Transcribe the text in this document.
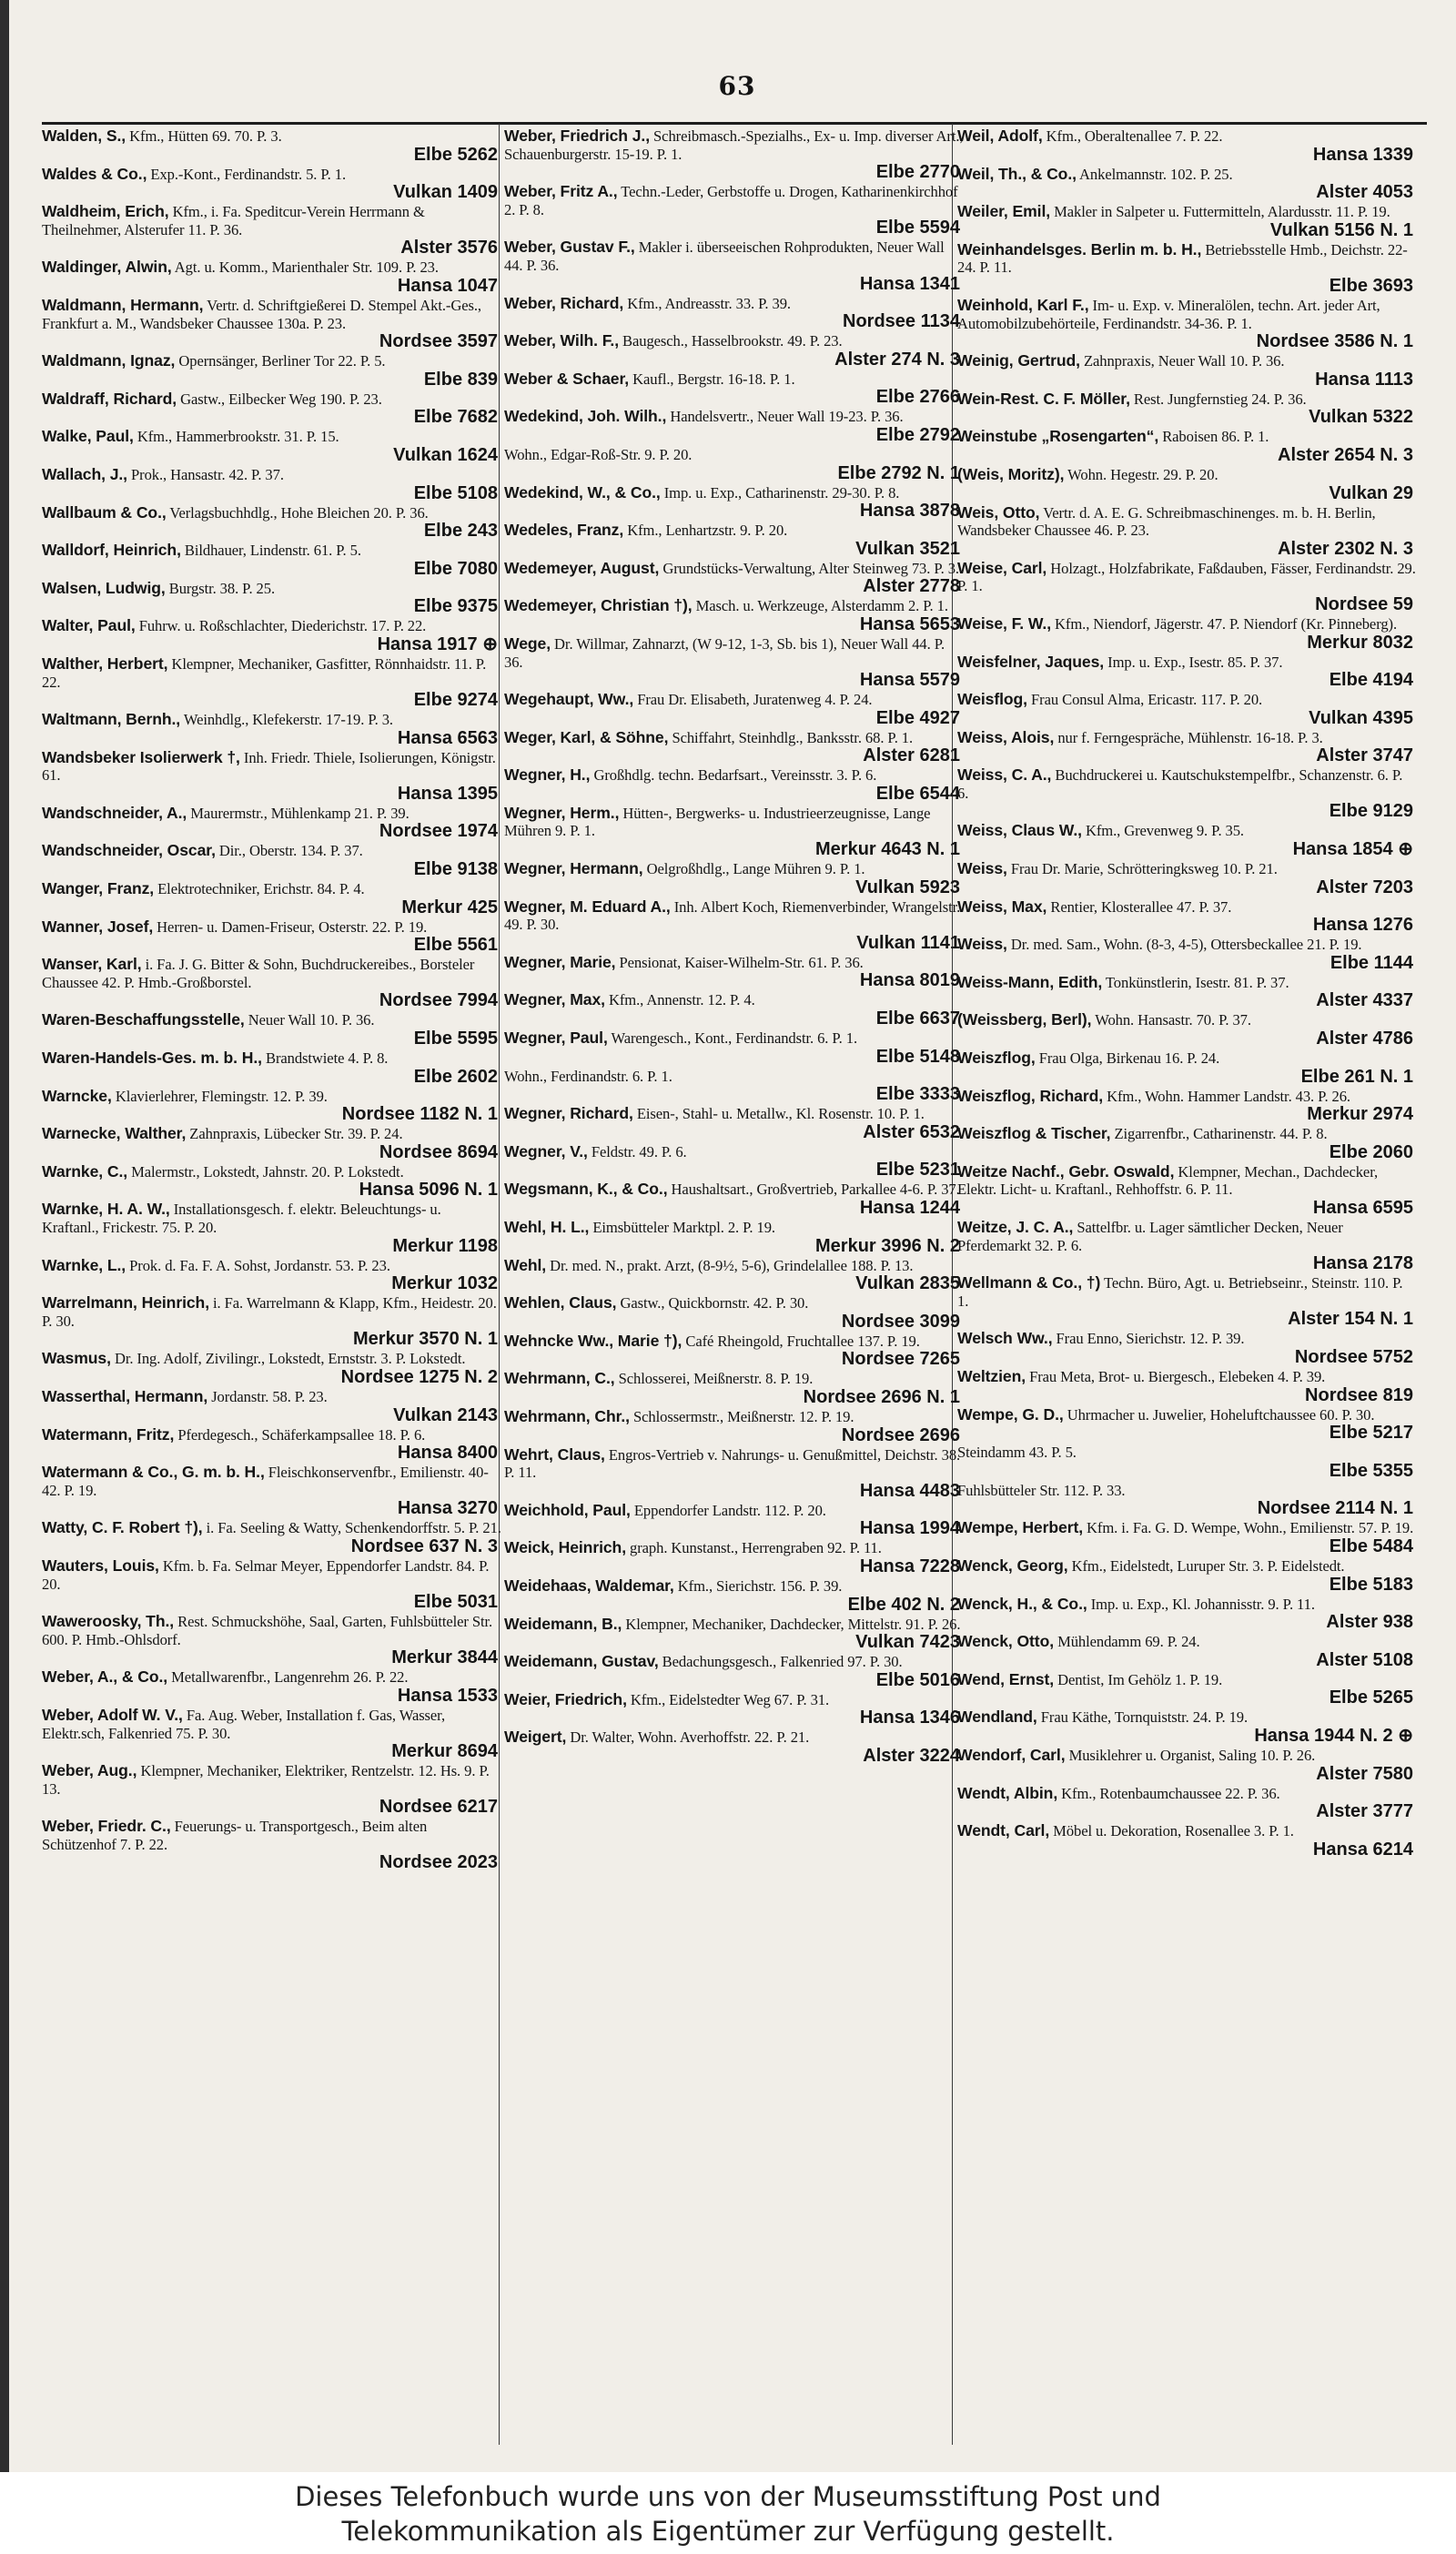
63
Walden, S., Kfm., Hütten 69. 70. P. 3.
Elbe 5262
Waldes & Co., Exp.-Kont., Ferdinandstr. 5. P. 1.
Vulkan 1409
Waldheim, Erich, Kfm., i. Fa. Speditcur-Verein Herrmann & Theilnehmer, Alsterufer 11. P. 36.
Alster 3576
Waldinger, Alwin, Agt. u. Komm., Marienthaler Str. 109. P. 23.
Hansa 1047
Waldmann, Hermann, Vertr. d. Schriftgießerei D. Stempel Akt.-Ges., Frankfurt a. M., Wandsbeker Chaussee 130a. P. 23.
Nordsee 3597
Waldmann, Ignaz, Opernsänger, Berliner Tor 22. P. 5.
Elbe 839
Waldraff, Richard, Gastw., Eilbecker Weg 190. P. 23.
Elbe 7682
Walke, Paul, Kfm., Hammerbrookstr. 31. P. 15.
Vulkan 1624
Wallach, J., Prok., Hansastr. 42. P. 37.
Elbe 5108
Wallbaum & Co., Verlagsbuchhdlg., Hohe Bleichen 20. P. 36.
Elbe 243
Walldorf, Heinrich, Bildhauer, Lindenstr. 61. P. 5.
Elbe 7080
Walsen, Ludwig, Burgstr. 38. P. 25.
Elbe 9375
Walter, Paul, Fuhrw. u. Roßschlachter, Diederichstr. 17. P. 22.
Hansa 1917 ⊕
Walther, Herbert, Klempner, Mechaniker, Gasfitter, Rönnhaidstr. 11. P. 22.
Elbe 9274
Waltmann, Bernh., Weinhdlg., Klefekerstr. 17-19. P. 3.
Hansa 6563
Wandsbeker Isolierwerk †, Inh. Friedr. Thiele, Isolierungen, Königstr. 61.
Hansa 1395
Wandschneider, A., Maurermstr., Mühlenkamp 21. P. 39.
Nordsee 1974
Wandschneider, Oscar, Dir., Oberstr. 134. P. 37.
Elbe 9138
Wanger, Franz, Elektrotechniker, Erichstr. 84. P. 4.
Merkur 425
Wanner, Josef, Herren- u. Damen-Friseur, Osterstr. 22. P. 19.
Elbe 5561
Wanser, Karl, i. Fa. J. G. Bitter & Sohn, Buchdruckereibes., Borsteler Chaussee 42. P. Hmb.-Großborstel.
Nordsee 7994
Waren-Beschaffungsstelle, Neuer Wall 10. P. 36.
Elbe 5595
Waren-Handels-Ges. m. b. H., Brandstwiete 4. P. 8.
Elbe 2602
Warncke, Klavierlehrer, Flemingstr. 12. P. 39.
Nordsee 1182 N. 1
Warnecke, Walther, Zahnpraxis, Lübecker Str. 39. P. 24.
Nordsee 8694
Warnke, C., Malermstr., Lokstedt, Jahnstr. 20. P. Lokstedt.
Hansa 5096 N. 1
Warnke, H. A. W., Installationsgesch. f. elektr. Beleuchtungs- u. Kraftanl., Frickestr. 75. P. 20.
Merkur 1198
Warnke, L., Prok. d. Fa. F. A. Sohst, Jordanstr. 53. P. 23.
Merkur 1032
Warrelmann, Heinrich, i. Fa. Warrelmann & Klapp, Kfm., Heidestr. 20. P. 30.
Merkur 3570 N. 1
Wasmus, Dr. Ing. Adolf, Zivilingr., Lokstedt, Ernststr. 3. P. Lokstedt.
Nordsee 1275 N. 2
Wasserthal, Hermann, Jordanstr. 58. P. 23.
Vulkan 2143
Watermann, Fritz, Pferdegesch., Schäferkampsallee 18. P. 6.
Hansa 8400
Watermann & Co., G. m. b. H., Fleischkonservenfbr., Emilienstr. 40-42. P. 19.
Hansa 3270
Watty, C. F. Robert †), i. Fa. Seeling & Watty, Schenkendorffstr. 5. P. 21.
Nordsee 637 N. 3
Wauters, Louis, Kfm. b. Fa. Selmar Meyer, Eppendorfer Landstr. 84. P. 20.
Elbe 5031
Waweroosky, Th., Rest. Schmuckshöhe, Saal, Garten, Fuhlsbütteler Str. 600. P. Hmb.-Ohlsdorf.
Merkur 3844
Weber, A., & Co., Metallwarenfbr., Langenrehm 26. P. 22.
Hansa 1533
Weber, Adolf W. V., Fa. Aug. Weber, Installation f. Gas, Wasser, Elektr.sch, Falkenried 75. P. 30.
Merkur 8694
Weber, Aug., Klempner, Mechaniker, Elektriker, Rentzelstr. 12. Hs. 9. P. 13.
Nordsee 6217
Weber, Friedr. C., Feuerungs- u. Transportgesch., Beim alten Schützenhof 7. P. 22.
Nordsee 2023
Weber, Friedrich J., Schreibmasch.-Spezialhs., Ex- u. Imp. diverser Art., Schauenburgerstr. 15-19. P. 1.
Elbe 2770
Weber, Fritz A., Techn.-Leder, Gerbstoffe u. Drogen, Katharinenkirchhof 2. P. 8.
Elbe 5594
Weber, Gustav F., Makler i. überseeischen Rohprodukten, Neuer Wall 44. P. 36.
Hansa 1341
Weber, Richard, Kfm., Andreasstr. 33. P. 39.
Nordsee 1134
Weber, Wilh. F., Baugesch., Hasselbrookstr. 49. P. 23.
Alster 274 N. 3
Weber & Schaer, Kaufl., Bergstr. 16-18. P. 1.
Elbe 2766
Wedekind, Joh. Wilh., Handelsvertr., Neuer Wall 19-23. P. 36.
Elbe 2792
Wohn., Edgar-Roß-Str. 9. P. 20.
Elbe 2792 N. 1
Wedekind, W., & Co., Imp. u. Exp., Catharinenstr. 29-30. P. 8.
Hansa 3878
Wedeles, Franz, Kfm., Lenhartzstr. 9. P. 20.
Vulkan 3521
Wedemeyer, August, Grundstücks-Verwaltung, Alter Steinweg 73. P. 3.
Alster 2778
Wedemeyer, Christian †), Masch. u. Werkzeuge, Alsterdamm 2. P. 1.
Hansa 5653
Wege, Dr. Willmar, Zahnarzt, (W 9-12, 1-3, Sb. bis 1), Neuer Wall 44. P. 36.
Hansa 5579
Wegehaupt, Ww., Frau Dr. Elisabeth, Juratenweg 4. P. 24.
Elbe 4927
Weger, Karl, & Söhne, Schiffahrt, Steinhdlg., Banksstr. 68. P. 1.
Alster 6281
Wegner, H., Großhdlg. techn. Bedarfsart., Vereinsstr. 3. P. 6.
Elbe 6544
Wegner, Herm., Hütten-, Bergwerks- u. Industrieerzeugnisse, Lange Mühren 9. P. 1.
Merkur 4643 N. 1
Wegner, Hermann, Oelgroßhdlg., Lange Mühren 9. P. 1.
Vulkan 5923
Wegner, M. Eduard A., Inh. Albert Koch, Riemenverbinder, Wrangelstr. 49. P. 30.
Vulkan 1141
Wegner, Marie, Pensionat, Kaiser-Wilhelm-Str. 61. P. 36.
Hansa 8019
Wegner, Max, Kfm., Annenstr. 12. P. 4.
Elbe 6637
Wegner, Paul, Warengesch., Kont., Ferdinandstr. 6. P. 1.
Elbe 5148
Wohn., Ferdinandstr. 6. P. 1.
Elbe 3333
Wegner, Richard, Eisen-, Stahl- u. Metallw., Kl. Rosenstr. 10. P. 1.
Alster 6532
Wegner, V., Feldstr. 49. P. 6.
Elbe 5231
Wegsmann, K., & Co., Haushaltsart., Großvertrieb, Parkallee 4-6. P. 37.
Hansa 1244
Wehl, H. L., Eimsbütteler Marktpl. 2. P. 19.
Merkur 3996 N. 2
Wehl, Dr. med. N., prakt. Arzt, (8-9½, 5-6), Grindelallee 188. P. 13.
Vulkan 2835
Wehlen, Claus, Gastw., Quickbornstr. 42. P. 30.
Nordsee 3099
Wehncke Ww., Marie †), Café Rheingold, Fruchtallee 137. P. 19.
Nordsee 7265
Wehrmann, C., Schlosserei, Meißnerstr. 8. P. 19.
Nordsee 2696 N. 1
Wehrmann, Chr., Schlossermstr., Meißnerstr. 12. P. 19.
Nordsee 2696
Wehrt, Claus, Engros-Vertrieb v. Nahrungs- u. Genußmittel, Deichstr. 38. P. 11.
Hansa 4483
Weichhold, Paul, Eppendorfer Landstr. 112. P. 20.
Hansa 1994
Weick, Heinrich, graph. Kunstanst., Herrengraben 92. P. 11.
Hansa 7228
Weidehaas, Waldemar, Kfm., Sierichstr. 156. P. 39.
Elbe 402 N. 2
Weidemann, B., Klempner, Mechaniker, Dachdecker, Mittelstr. 91. P. 26.
Vulkan 7423
Weidemann, Gustav, Bedachungsgesch., Falkenried 97. P. 30.
Elbe 5016
Weier, Friedrich, Kfm., Eidelstedter Weg 67. P. 31.
Hansa 1346
Weigert, Dr. Walter, Wohn. Averhoffstr. 22. P. 21.
Alster 3224
Weil, Adolf, Kfm., Oberaltenallee 7. P. 22.
Hansa 1339
Weil, Th., & Co., Ankelmannstr. 102. P. 25.
Alster 4053
Weiler, Emil, Makler in Salpeter u. Futtermitteln, Alardusstr. 11. P. 19.
Vulkan 5156 N. 1
Weinhandelsges. Berlin m. b. H., Betriebsstelle Hmb., Deichstr. 22-24. P. 11.
Elbe 3693
Weinhold, Karl F., Im- u. Exp. v. Mineralölen, techn. Art. jeder Art, Automobilzubehörteile, Ferdinandstr. 34-36. P. 1.
Nordsee 3586 N. 1
Weinig, Gertrud, Zahnpraxis, Neuer Wall 10. P. 36.
Hansa 1113
Wein-Rest. C. F. Möller, Rest. Jungfernstieg 24. P. 36.
Vulkan 5322
Weinstube „Rosengarten“, Raboisen 86. P. 1.
Alster 2654 N. 3
(Weis, Moritz), Wohn. Hegestr. 29. P. 20.
Vulkan 29
Weis, Otto, Vertr. d. A. E. G. Schreibmaschinenges. m. b. H. Berlin, Wandsbeker Chaussee 46. P. 23.
Alster 2302 N. 3
Weise, Carl, Holzagt., Holzfabrikate, Faßdauben, Fässer, Ferdinandstr. 29. P. 1.
Nordsee 59
Weise, F. W., Kfm., Niendorf, Jägerstr. 47. P. Niendorf (Kr. Pinneberg).
Merkur 8032
Weisfelner, Jaques, Imp. u. Exp., Isestr. 85. P. 37.
Elbe 4194
Weisflog, Frau Consul Alma, Ericastr. 117. P. 20.
Vulkan 4395
Weiss, Alois, nur f. Ferngespräche, Mühlenstr. 16-18. P. 3.
Alster 3747
Weiss, C. A., Buchdruckerei u. Kautschukstempelfbr., Schanzenstr. 6. P. 6.
Elbe 9129
Weiss, Claus W., Kfm., Grevenweg 9. P. 35.
Hansa 1854 ⊕
Weiss, Frau Dr. Marie, Schrötteringksweg 10. P. 21.
Alster 7203
Weiss, Max, Rentier, Klosterallee 47. P. 37.
Hansa 1276
Weiss, Dr. med. Sam., Wohn. (8-3, 4-5), Ottersbeckallee 21. P. 19.
Elbe 1144
Weiss-Mann, Edith, Tonkünstlerin, Isestr. 81. P. 37.
Alster 4337
(Weissberg, Berl), Wohn. Hansastr. 70. P. 37.
Alster 4786
Weiszflog, Frau Olga, Birkenau 16. P. 24.
Elbe 261 N. 1
Weiszflog, Richard, Kfm., Wohn. Hammer Landstr. 43. P. 26.
Merkur 2974
Weiszflog & Tischer, Zigarrenfbr., Catharinenstr. 44. P. 8.
Elbe 2060
Weitze Nachf., Gebr. Oswald, Klempner, Mechan., Dachdecker, Elektr. Licht- u. Kraftanl., Rehhoffstr. 6. P. 11.
Hansa 6595
Weitze, J. C. A., Sattelfbr. u. Lager sämtlicher Decken, Neuer Pferdemarkt 32. P. 6.
Hansa 2178
Wellmann & Co., †) Techn. Büro, Agt. u. Betriebseinr., Steinstr. 110. P. 1.
Alster 154 N. 1
Welsch Ww., Frau Enno, Sierichstr. 12. P. 39.
Nordsee 5752
Weltzien, Frau Meta, Brot- u. Biergesch., Elebeken 4. P. 39.
Nordsee 819
Wempe, G. D., Uhrmacher u. Juwelier, Hoheluftchaussee 60. P. 30.
Elbe 5217
Steindamm 43. P. 5.
Elbe 5355
Fuhlsbütteler Str. 112. P. 33.
Nordsee 2114 N. 1
Wempe, Herbert, Kfm. i. Fa. G. D. Wempe, Wohn., Emilienstr. 57. P. 19.
Elbe 5484
Wenck, Georg, Kfm., Eidelstedt, Luruper Str. 3. P. Eidelstedt.
Elbe 5183
Wenck, H., & Co., Imp. u. Exp., Kl. Johannisstr. 9. P. 11.
Alster 938
Wenck, Otto, Mühlendamm 69. P. 24.
Alster 5108
Wend, Ernst, Dentist, Im Gehölz 1. P. 19.
Elbe 5265
Wendland, Frau Käthe, Tornquiststr. 24. P. 19.
Hansa 1944 N. 2 ⊕
Wendorf, Carl, Musiklehrer u. Organist, Saling 10. P. 26.
Alster 7580
Wendt, Albin, Kfm., Rotenbaumchaussee 22. P. 36.
Alster 3777
Wendt, Carl, Möbel u. Dekoration, Rosenallee 3. P. 1.
Hansa 6214
Dieses Telefonbuch wurde uns von der Museumsstiftung Post und
Telekommunikation als Eigentümer zur Verfügung gestellt.
